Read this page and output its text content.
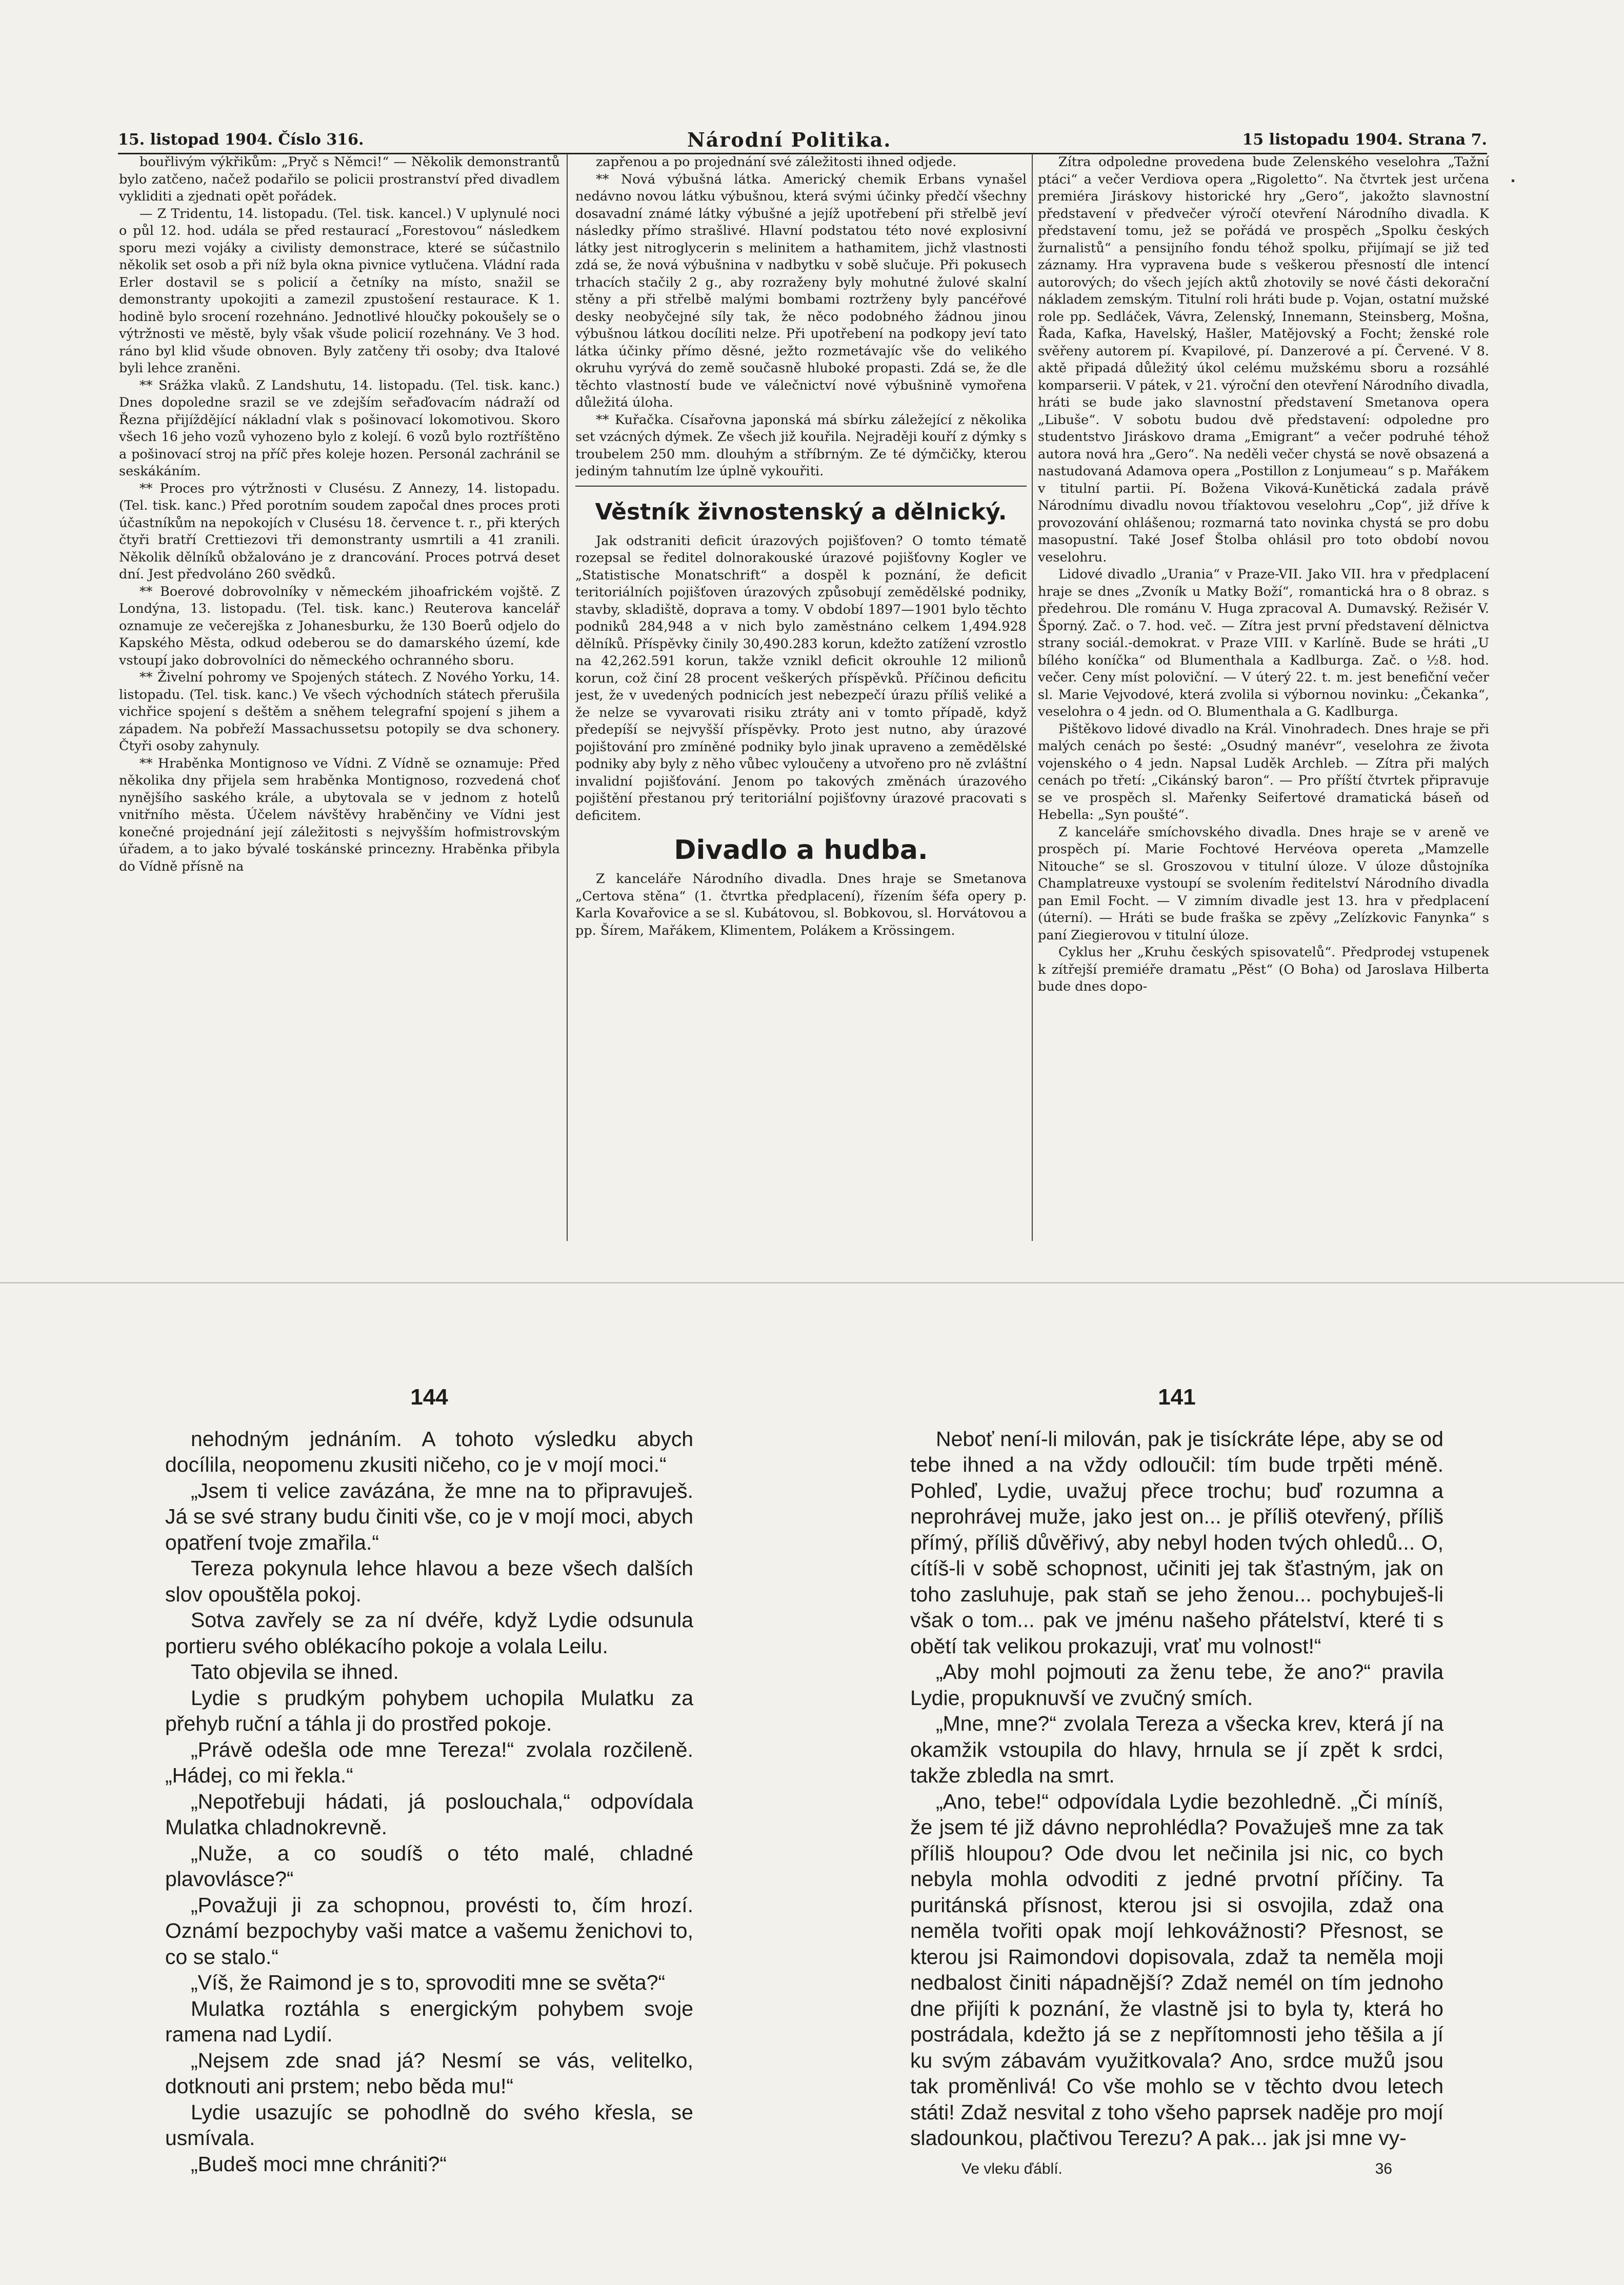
15. listopad 1904. Číslo 316.	Národní Politika.	15 listopadu 1904. Strana 7.

bouřlivým výkřikům: „Pryč s Němci!“ — Několik demonstrantů bylo zatčeno, načež podařilo se policii prostranství před divadlem vykliditi a zjednati opět pořádek.

— Z Tridentu, 14. listopadu. (Tel. tisk. kancel.) V uplynulé noci o půl 12. hod. udála se před restaurací „Forestovou“ následkem sporu mezi vojáky a civilisty demonstrace, které se súčastnilo několik set osob a při níž byla okna pivnice vytlučena. Vládní rada Erler dostavil se s policií a četníky na místo, snažil se demonstranty upokojiti a zamezil zpustošení restaurace. K 1. hodině bylo srocení rozehnáno. Jednotlivé hloučky pokoušely se o výtržnosti ve městě, byly však všude policií rozehnány. Ve 3 hod. ráno byl klid všude obnoven. Byly zatčeny tři osoby; dva Italové byli lehce zraněni.

** Srážka vlaků. Z Landshutu, 14. listopadu. (Tel. tisk. kanc.) Dnes dopoledne srazil se ve zdejším seřaďovacím nádraží od Řezna přijíždějící nákladní vlak s pošinovací lokomotivou. Skoro všech 16 jeho vozů vyhozeno bylo z kolejí. 6 vozů bylo roztříštěno a pošinovací stroj na příč přes koleje hozen. Personál zachránil se seskákáním.

** Proces pro výtržnosti v Clusésu. Z Annezy, 14. listopadu. (Tel. tisk. kanc.) Před porotním soudem započal dnes proces proti účastníkům na nepokojích v Clusésu 18. července t. r., při kterých čtyři bratří Crettiezovi tři demonstranty usmrtili a 41 zranili. Několik dělníků obžalováno je z drancování. Proces potrvá deset dní. Jest předvoláno 260 svědků.

** Boerové dobrovolníky v německém jihoafrickém vojště. Z Londýna, 13. listopadu. (Tel. tisk. kanc.) Reuterova kancelář oznamuje ze večerejška z Johanesburku, že 130 Boerů odjelo do Kapského Města, odkud odeberou se do damarského území, kde vstoupí jako dobrovolníci do německého ochranného sboru.

** Živelní pohromy ve Spojených státech. Z Nového Yorku, 14. listopadu. (Tel. tisk. kanc.) Ve všech východních státech přerušila vichřice spojení s deštěm a sněhem telegrafní spojení s jihem a západem. Na pobřeží Massachussetsu potopily se dva schonery. Čtyři osoby zahynuly.

** Hraběnka Montignoso ve Vídni. Z Vídně se oznamuje: Před několika dny přijela sem hraběnka Montignoso, rozvedená choť nynějšího saského krále, a ubytovala se v jednom z hotelů vnitřního města. Účelem návštěvy hraběnčiny ve Vídni jest konečné projednání její záležitosti s nejvyšším hofmistrovským úřadem, a to jako bývalé toskánské princezny. Hraběnka přibyla do Vídně přísně na

zapřenou a po projednání své záležitosti ihned odjede.

** Nová výbušná látka. Americký chemik Erbans vynašel nedávno novou látku výbušnou, která svými účinky předčí všechny dosavadní známé látky výbušné a jejíž upotřebení při střelbě jeví následky přímo strašlivé. Hlavní podstatou této nové explosivní látky jest nitroglycerin s melinitem a hathamitem, jichž vlastnosti zdá se, že nová výbušnina v nadbytku v sobě slučuje. Při pokusech trhacích stačily 2 g., aby rozraženy byly mohutné žulové skalní stěny a při střelbě malými bombami roztrženy byly pancéřové desky neobyčejné síly tak, že něco podobného žádnou jinou výbušnou látkou docíliti nelze. Při upotřebení na podkopy jeví tato látka účinky přímo děsné, ježto rozmetávajíc vše do velikého okruhu vyrývá do země současně hluboké propasti. Zdá se, že dle těchto vlastností bude ve válečnictví nové výbušnině vymořena důležitá úloha.

** Kuřačka. Císařovna japonská má sbírku záležející z několika set vzácných dýmek. Ze všech již kouřila. Nejraději kouří z dýmky s troubelem 250 mm. dlouhým a stříbrným. Ze té dýmčičky, kterou jediným tahnutím lze úplně vykouřiti.

Věstník živnostenský a dělnický.

Jak odstraniti deficit úrazových pojišťoven? O tomto tématě rozepsal se ředitel dolnorakouské úrazové pojišťovny Kogler ve „Statistische Monatschrift“ a dospěl k poznání, že deficit teritoriálních pojišťoven úrazových způsobují zemědělské podniky, stavby, skladiště, doprava a tomy. V období 1897—1901 bylo těchto podniků 284,948 a v nich bylo zaměstnáno celkem 1,494.928 dělníků. Příspěvky činily 30,490.283 korun, kdežto zatížení vzrostlo na 42,262.591 korun, takže vznikl deficit okrouhle 12 milionů korun, což činí 28 procent veškerých příspěvků. Příčinou deficitu jest, že v uvedených podnicích jest nebezpečí úrazu příliš veliké a že nelze se vyvarovati risiku ztráty ani v tomto případě, když předepíší se nejvyšší příspěvky. Proto jest nutno, aby úrazové pojištování pro zmíněné podniky bylo jinak upraveno a zemědělské podniky aby byly z něho vůbec vyloučeny a utvořeno pro ně zvláštní invalidní pojišťování. Jenom po takových změnách úrazového pojištění přestanou prý teritoriální pojišťovny úrazové pracovati s deficitem.

Divadlo a hudba.

Z kanceláře Národního divadla. Dnes hraje se Smetanova „Certova stěna“ (1. čtvrtka předplacení), řízením šéfa opery p. Karla Kovařovice a se sl. Kubátovou, sl. Bobkovou, sl. Horvátovou a pp. Šírem, Mařákem, Klimentem, Polákem a Krössingem.

Zítra odpoledne provedena bude Zelenského veselohra „Tažní ptáci“ a večer Verdiova opera „Rigoletto“. Na čtvrtek jest určena premiéra Jiráskovy historické hry „Gero“, jakožto slavnostní představení v předvečer výročí otevření Národního divadla. K představení tomu, jež se pořádá ve prospěch „Spolku českých žurnalistů“ a pensijního fondu téhož spolku, přijímají se již teď záznamy. Hra vypravena bude s veškerou přesností dle intencí autorových; do všech jejích aktů zhotovily se nové části dekorační nákladem zemským. Titulní roli hráti bude p. Vojan, ostatní mužské role pp. Sedláček, Vávra, Zelenský, Innemann, Steinsberg, Mošna, Řada, Kafka, Havelský, Hašler, Matějovský a Focht; ženské role svěřeny autorem pí. Kvapilové, pí. Danzerové a pí. Červené. V 8. aktě připadá důležitý úkol celému mužskému sboru a rozsáhlé komparserii. V pátek, v 21. výroční den otevření Národního divadla, hráti se bude jako slavnostní představení Smetanova opera „Libuše“. V sobotu budou dvě představení: odpoledne pro studentstvo Jiráskovo drama „Emigrant“ a večer podruhé téhož autora nová hra „Gero“. Na neděli večer chystá se nově obsazená a nastudovaná Adamova opera „Postillon z Lonjumeau“ s p. Mařákem v titulní partii. Pí. Božena Viková-Kunětická zadala právě Národnímu divadlu novou tříaktovou veselohru „Cop“, již dříve k provozování ohlášenou; rozmarná tato novinka chystá se pro dobu masopustní. Také Josef Štolba ohlásil pro toto období novou veselohru.

Lidové divadlo „Urania“ v Praze-VII. Jako VII. hra v předplacení hraje se dnes „Zvoník u Matky Boží“, romantická hra o 8 obraz. s předehrou. Dle románu V. Huga zpracoval A. Dumavský. Režisér V. Šporný. Zač. o 7. hod. več. — Zítra jest první představení dělnictva strany sociál.-demokrat. v Praze VIII. v Karlíně. Bude se hráti „U bílého koníčka“ od Blumenthala a Kadlburga. Zač. o ½8. hod. večer. Ceny míst poloviční. — V úterý 22. t. m. jest benefiční večer sl. Marie Vejvodové, která zvolila si výbornou novinku: „Čekanka“, veselohra o 4 jedn. od O. Blumenthala a G. Kadlburga.

Pištěkovo lidové divadlo na Král. Vinohradech. Dnes hraje se při malých cenách po šesté: „Osudný manévr“, veselohra ze života vojenského o 4 jedn. Napsal Luděk Archleb. — Zítra při malých cenách po třetí: „Cikánský baron“. — Pro příští čtvrtek připravuje se ve prospěch sl. Mařenky Seifertové dramatická báseň od Hebella: „Syn poušté“.

Z kanceláře smíchovského divadla. Dnes hraje se v areně ve prospěch pí. Marie Fochtové Hervéova opereta „Mamzelle Nitouche“ se sl. Groszovou v titulní úloze. V úloze důstojníka Champlatreuxe vystoupí se svolením ředitelství Národního divadla pan Emil Focht. — V zimním divadle jest 13. hra v předplacení (úterní). — Hráti se bude fraška se zpěvy „Zelízkovic Fanynka“ s paní Ziegierovou v titulní úloze.

Cyklus her „Kruhu českých spisovatelů“. Předprodej vstupenek k zítřejší premiéře dramatu „Pěst“ (O Boha) od Jaroslava Hilberta bude dnes dopo-

144

nehodným jednáním. A tohoto výsledku abych docílila, neopomenu zkusiti ničeho, co je v mojí moci.“

„Jsem ti velice zavázána, že mne na to připravuješ. Já se své strany budu činiti vše, co je v mojí moci, abych opatření tvoje zmařila.“

Tereza pokynula lehce hlavou a beze všech dalších slov opouštěla pokoj.

Sotva zavřely se za ní dvéře, když Lydie odsunula portieru svého oblékacího pokoje a volala Leilu.

Tato objevila se ihned.

Lydie s prudkým pohybem uchopila Mulatku za přehyb ruční a táhla ji do prostřed pokoje.

„Právě odešla ode mne Tereza!“ zvolala rozčileně. „Hádej, co mi řekla.“

„Nepotřebuji hádati, já poslouchala,“ odpovídala Mulatka chladnokrevně.

„Nuže, a co soudíš o této malé, chladné plavovlásce?“

„Považuji ji za schopnou, provésti to, čím hrozí. Oznámí bezpochyby vaši matce a vašemu ženichovi to, co se stalo.“

„Víš, že Raimond je s to, sprovoditi mne se světa?“

Mulatka roztáhla s energickým pohybem svoje ramena nad Lydií.

„Nejsem zde snad já? Nesmí se vás, velitelko, dotknouti ani prstem; nebo běda mu!“

Lydie usazujíc se pohodlně do svého křesla, se usmívala.

„Budeš moci mne chrániti?“

141

Neboť není-li milován, pak je tisíckráte lépe, aby se od tebe ihned a na vždy odloučil: tím bude trpěti méně. Pohleď, Lydie, uvažuj přece trochu; buď rozumna a neprohrávej muže, jako jest on... je příliš otevřený, příliš přímý, příliš důvěřivý, aby nebyl hoden tvých ohledů... O, cítíš-li v sobě schopnost, učiniti jej tak šťastným, jak on toho zasluhuje, pak staň se jeho ženou... pochybuješ-li však o tom... pak ve jménu našeho přátelství, které ti s obětí tak velikou prokazuji, vrať mu volnost!“

„Aby mohl pojmouti za ženu tebe, že ano?“ pravila Lydie, propuknuvší ve zvučný smích.

„Mne, mne?“ zvolala Tereza a všecka krev, která jí na okamžik vstoupila do hlavy, hrnula se jí zpět k srdci, takže zbledla na smrt.

„Ano, tebe!“ odpovídala Lydie bezohledně. „Či míníš, že jsem té již dávno neprohlédla? Považuješ mne za tak příliš hloupou? Ode dvou let nečinila jsi nic, co bych nebyla mohla odvoditi z jedné prvotní příčiny. Ta puritánská přísnost, kterou jsi si osvojila, zdaž ona neměla tvořiti opak mojí lehkovážnosti? Přesnost, se kterou jsi Raimondovi dopisovala, zdaž ta neměla moji nedbalost činiti nápadnější? Zdaž nemél on tím jednoho dne přijíti k poznání, že vlastně jsi to byla ty, která ho postrádala, kdežto já se z nepřítomnosti jeho těšila a jí ku svým zábavám využitkovala? Ano, srdce mužů jsou tak proměnlivá! Co vše mohlo se v těchto dvou letech státi! Zdaž nesvital z toho všeho paprsek naděje pro mojí sladounkou, plačtivou Terezu? A pak... jak jsi mne vy-

Ve vleku ďáblí.	36
